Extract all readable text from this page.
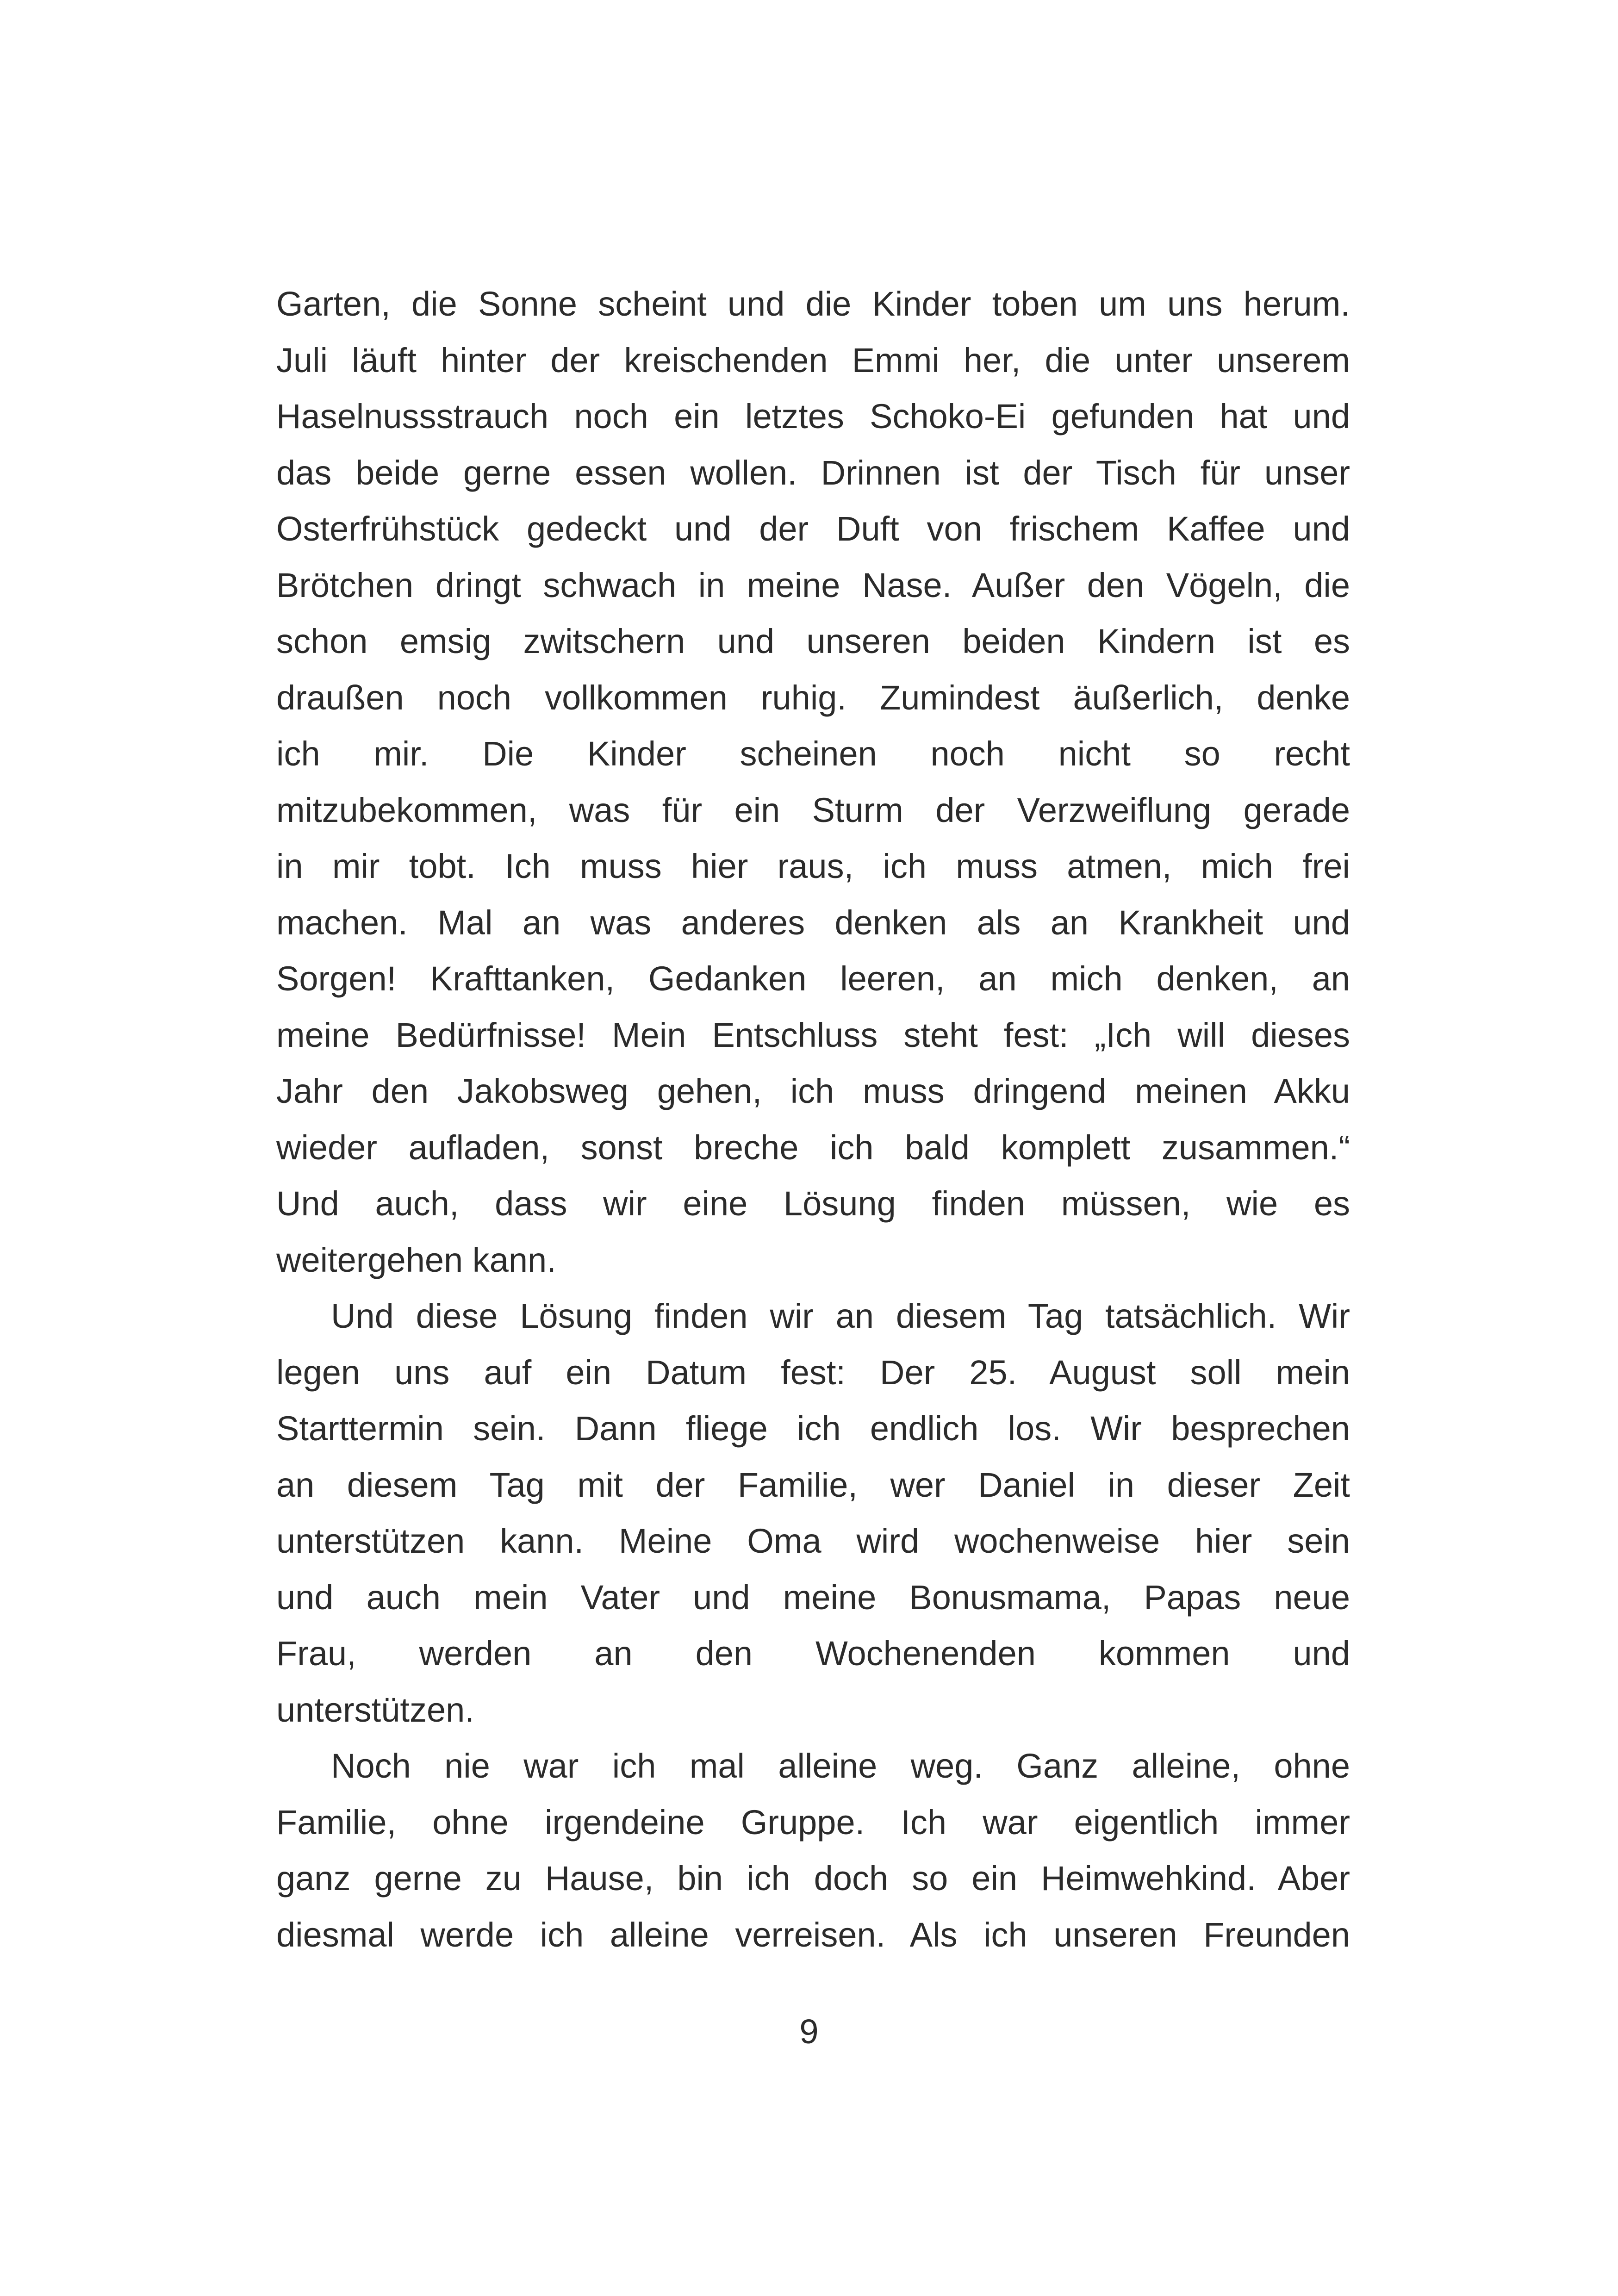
Garten, die Sonne scheint und die Kinder toben um uns herum.
Juli läuft hinter der kreischenden Emmi her, die unter unserem
Haselnussstrauch noch ein letztes Schoko-Ei gefunden hat und
das beide gerne essen wollen. Drinnen ist der Tisch für unser
Osterfrühstück gedeckt und der Duft von frischem Kaffee und
Brötchen dringt schwach in meine Nase. Außer den Vögeln, die
schon emsig zwitschern und unseren beiden Kindern ist es
draußen noch vollkommen ruhig. Zumindest äußerlich, denke
ich mir. Die Kinder scheinen noch nicht so recht
mitzubekommen, was für ein Sturm der Verzweiflung gerade
in mir tobt. Ich muss hier raus, ich muss atmen, mich frei
machen. Mal an was anderes denken als an Krankheit und
Sorgen! Krafttanken, Gedanken leeren, an mich denken, an
meine Bedürfnisse! Mein Entschluss steht fest: „Ich will dieses
Jahr den Jakobsweg gehen, ich muss dringend meinen Akku
wieder aufladen, sonst breche ich bald komplett zusammen.“
Und auch, dass wir eine Lösung finden müssen, wie es
weitergehen kann.
Und diese Lösung finden wir an diesem Tag tatsächlich. Wir
legen uns auf ein Datum fest: Der 25. August soll mein
Starttermin sein. Dann fliege ich endlich los. Wir besprechen
an diesem Tag mit der Familie, wer Daniel in dieser Zeit
unterstützen kann. Meine Oma wird wochenweise hier sein
und auch mein Vater und meine Bonusmama, Papas neue
Frau, werden an den Wochenenden kommen und
unterstützen.
Noch nie war ich mal alleine weg. Ganz alleine, ohne
Familie, ohne irgendeine Gruppe. Ich war eigentlich immer
ganz gerne zu Hause, bin ich doch so ein Heimwehkind. Aber
diesmal werde ich alleine verreisen. Als ich unseren Freunden
9
